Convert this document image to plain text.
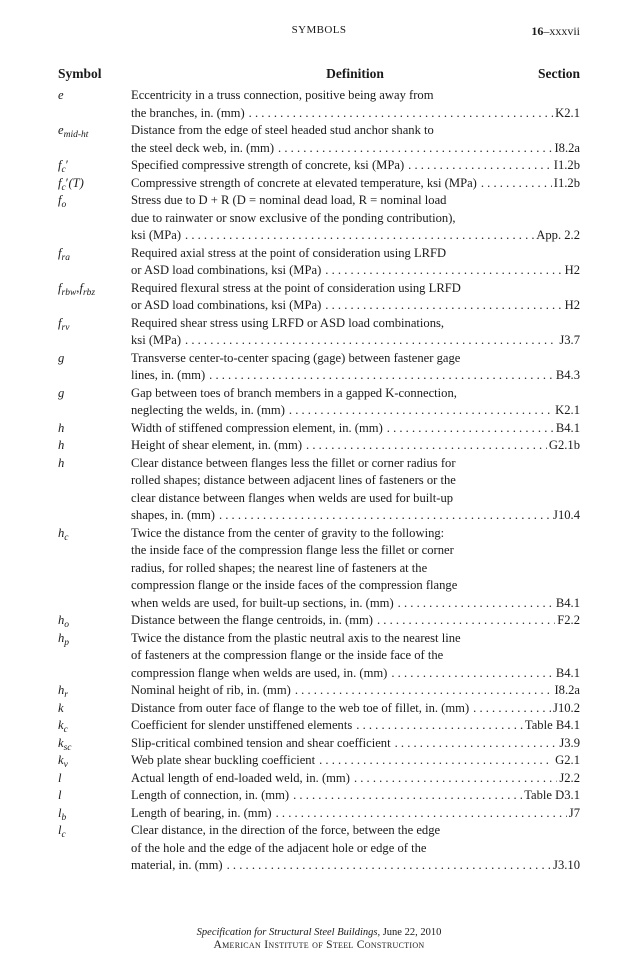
SYMBOLS	16–xxxvii
Symbol	Definition	Section
e	Eccentricity in a truss connection, positive being away from
the branches, in. (mm) . . .	K2.1
$e_{mid-ht}$	Distance from the edge of steel headed stud anchor shank to
the steel deck web, in. (mm) . . .	I8.2a
$f_c'$	Specified compressive strength of concrete, ksi (MPa) . . .	I1.2b
$f_c'(T)$	Compressive strength of concrete at elevated temperature, ksi (MPa) . . .	I1.2b
$f_o$	Stress due to D + R (D = nominal dead load, R = nominal load
due to rainwater or snow exclusive of the ponding contribution),
ksi (MPa) . . .	App. 2.2
$f_{ra}$	Required axial stress at the point of consideration using LRFD
or ASD load combinations, ksi (MPa) . . .	H2
$f_{rbw},f_{rbz}$	Required flexural stress at the point of consideration using LRFD
or ASD load combinations, ksi (MPa) . . .	H2
$f_{rv}$	Required shear stress using LRFD or ASD load combinations,
ksi (MPa) . . .	J3.7
g	Transverse center-to-center spacing (gage) between fastener gage
lines, in. (mm) . . .	B4.3
g	Gap between toes of branch members in a gapped K-connection,
neglecting the welds, in. (mm) . . .	K2.1
h	Width of stiffened compression element, in. (mm) . . .	B4.1
h	Height of shear element, in. (mm) . . .	G2.1b
h	Clear distance between flanges less the fillet or corner radius for
rolled shapes; distance between adjacent lines of fasteners or the
clear distance between flanges when welds are used for built-up
shapes, in. (mm) . . .	J10.4
$h_c$	Twice the distance from the center of gravity to the following:
the inside face of the compression flange less the fillet or corner
radius, for rolled shapes; the nearest line of fasteners at the
compression flange or the inside faces of the compression flange
when welds are used, for built-up sections, in. (mm) . . .	B4.1
$h_o$	Distance between the flange centroids, in. (mm) . . .	F2.2
$h_p$	Twice the distance from the plastic neutral axis to the nearest line
of fasteners at the compression flange or the inside face of the
compression flange when welds are used, in. (mm) . . .	B4.1
$h_r$	Nominal height of rib, in. (mm) . . .	I8.2a
k	Distance from outer face of flange to the web toe of fillet, in. (mm) . . .	J10.2
$k_c$	Coefficient for slender unstiffened elements . . .	Table B4.1
$k_{sc}$	Slip-critical combined tension and shear coefficient . . .	J3.9
$k_v$	Web plate shear buckling coefficient . . .	G2.1
l	Actual length of end-loaded weld, in. (mm) . . .	J2.2
l	Length of connection, in. (mm) . . .	Table D3.1
$l_b$	Length of bearing, in. (mm) . . .	J7
$l_c$	Clear distance, in the direction of the force, between the edge
of the hole and the edge of the adjacent hole or edge of the
material, in. (mm) . . .	J3.10
Specification for Structural Steel Buildings, June 22, 2010
American Institute of Steel Construction
